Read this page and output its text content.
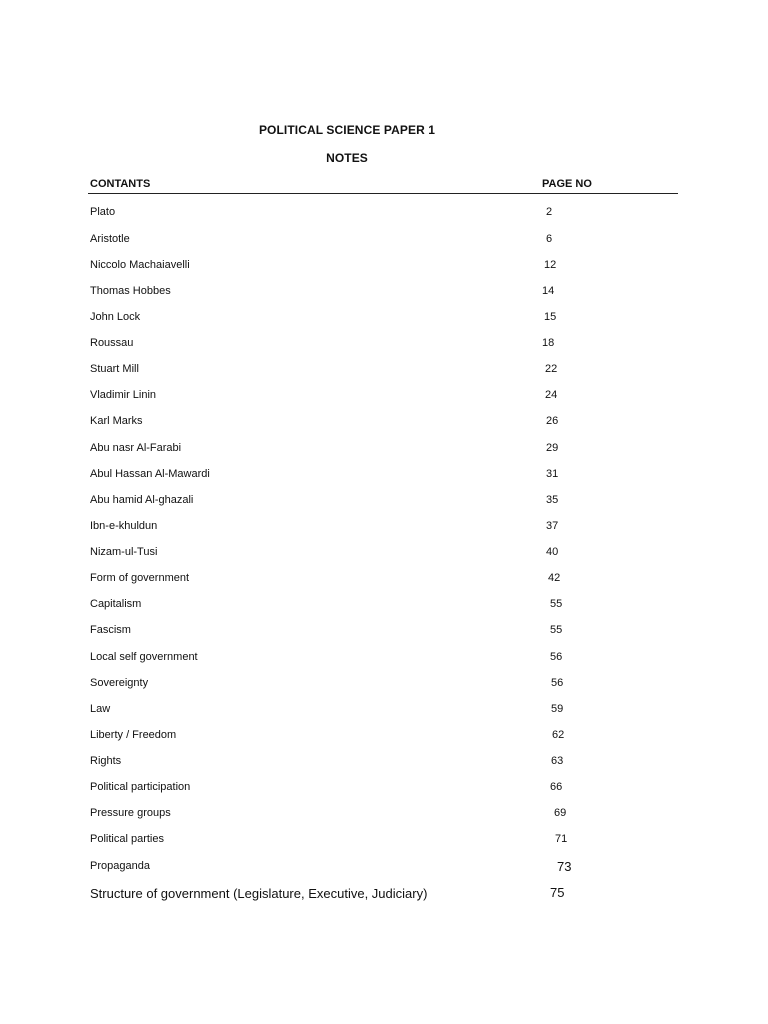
POLITICAL SCIENCE PAPER 1
NOTES
CONTANTS	PAGE NO
Plato	2
Aristotle	6
Niccolo Machaiavelli	12
Thomas Hobbes	14
John Lock	15
Roussau	18
Stuart Mill	22
Vladimir Linin	24
Karl Marks	26
Abu nasr Al-Farabi	29
Abul Hassan Al-Mawardi	31
Abu hamid Al-ghazali	35
Ibn-e-khuldun	37
Nizam-ul-Tusi	40
Form of government	42
Capitalism	55
Fascism	55
Local self government	56
Sovereignty	56
Law	59
Liberty / Freedom	62
Rights	63
Political participation	66
Pressure groups	69
Political parties	71
Propaganda	73
Structure of government (Legislature, Executive, Judiciary)	75
